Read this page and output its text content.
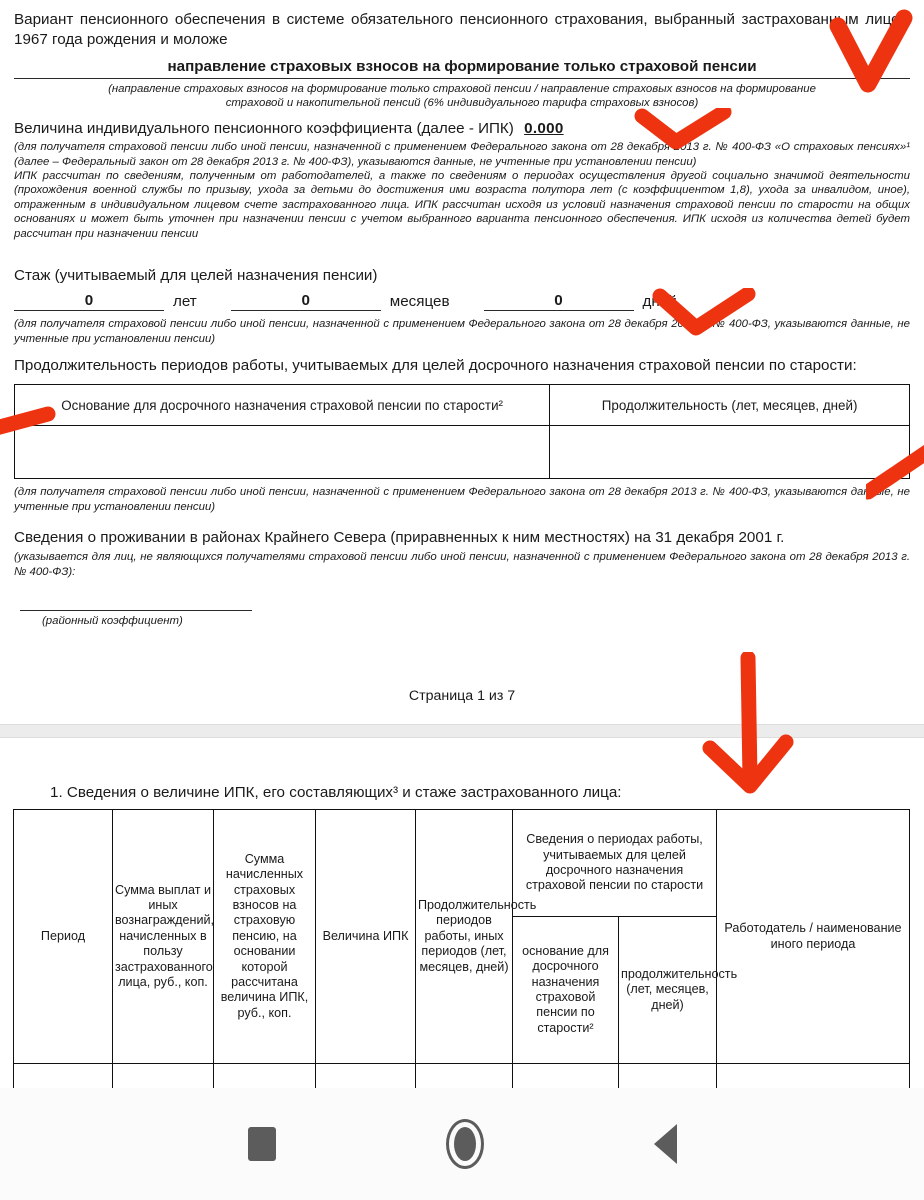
Вариант пенсионного обеспечения в системе обязательного пенсионного страхования, выбранный застрахованным лицом 1967 года рождения и моложе

направление страховых взносов на формирование только страховой пенсии

(направление страховых взносов на формирование только страховой пенсии / направление страховых взносов на формирование

страховой и накопительной пенсий (6% индивидуального тарифа страховых взносов)

Величина индивидуального пенсионного коэффициента (далее - ИПК) 0.000

(для получателя страховой пенсии либо иной пенсии, назначенной с применением Федерального закона от 28 декабря 2013 г. № 400-ФЗ «О страховых пенсиях»¹ (далее – Федеральный закон от 28 декабря 2013 г. № 400-ФЗ), указываются данные, не учтенные при установлении пенсии)

ИПК рассчитан по сведениям, полученным от работодателей, а также по сведениям о периодах осуществления другой социально значимой деятельности (прохождения военной службы по призыву, ухода за детьми до достижения ими возраста полутора лет (с коэффициентом 1,8), ухода за инвалидом, иное), отраженным в индивидуальном лицевом счете застрахованного лица. ИПК рассчитан исходя из условий назначения страховой пенсии по старости на общих основаниях и может быть уточнен при назначении пенсии с учетом выбранного варианта пенсионного обеспечения. ИПК исходя из количества детей будет рассчитан при назначении пенсии

Стаж (учитываемый для целей назначения пенсии)
0	лет	0	месяцев	0	дней

(для получателя страховой пенсии либо иной пенсии, назначенной с применением Федерального закона от 28 декабря 2013 г. № 400-ФЗ, указываются данные, не учтенные при установлении пенсии)

Продолжительность периодов работы, учитываемых для целей досрочного назначения страховой пенсии по старости:
Основание для досрочного назначения страховой пенсии по старости²	Продолжительность (лет, месяцев, дней)

(для получателя страховой пенсии либо иной пенсии, назначенной с применением Федерального закона от 28 декабря 2013 г. № 400-ФЗ, указываются данные, не учтенные при установлении пенсии)

Сведения о проживании в районах Крайнего Севера (приравненных к ним местностях) на 31 декабря 2001 г.

(указывается для лиц, не являющихся получателями страховой пенсии либо иной пенсии, назначенной с применением Федерального закона от 28 декабря 2013 г. № 400-ФЗ):

(районный коэффициент)
Страница 1 из 7
1. Сведения о величине ИПК, его составляющих³ и стаже застрахованного лица:
Период	Сумма выплат и иных вознаграждений, начисленных в пользу застрахованного лица, руб., коп.	Сумма начисленных страховых взносов на страховую пенсию, на основании которой рассчитана величина ИПК, руб., коп.	Величина ИПК	Продолжительность периодов работы, иных периодов (лет, месяцев, дней)	Сведения о периодах работы, учитываемых для целей досрочного назначения страховой пенсии по старости		Работодатель / наименование иного периода
					основание для досрочного назначения страховой пенсии по старости²	продолжительность (лет, месяцев, дней)	
